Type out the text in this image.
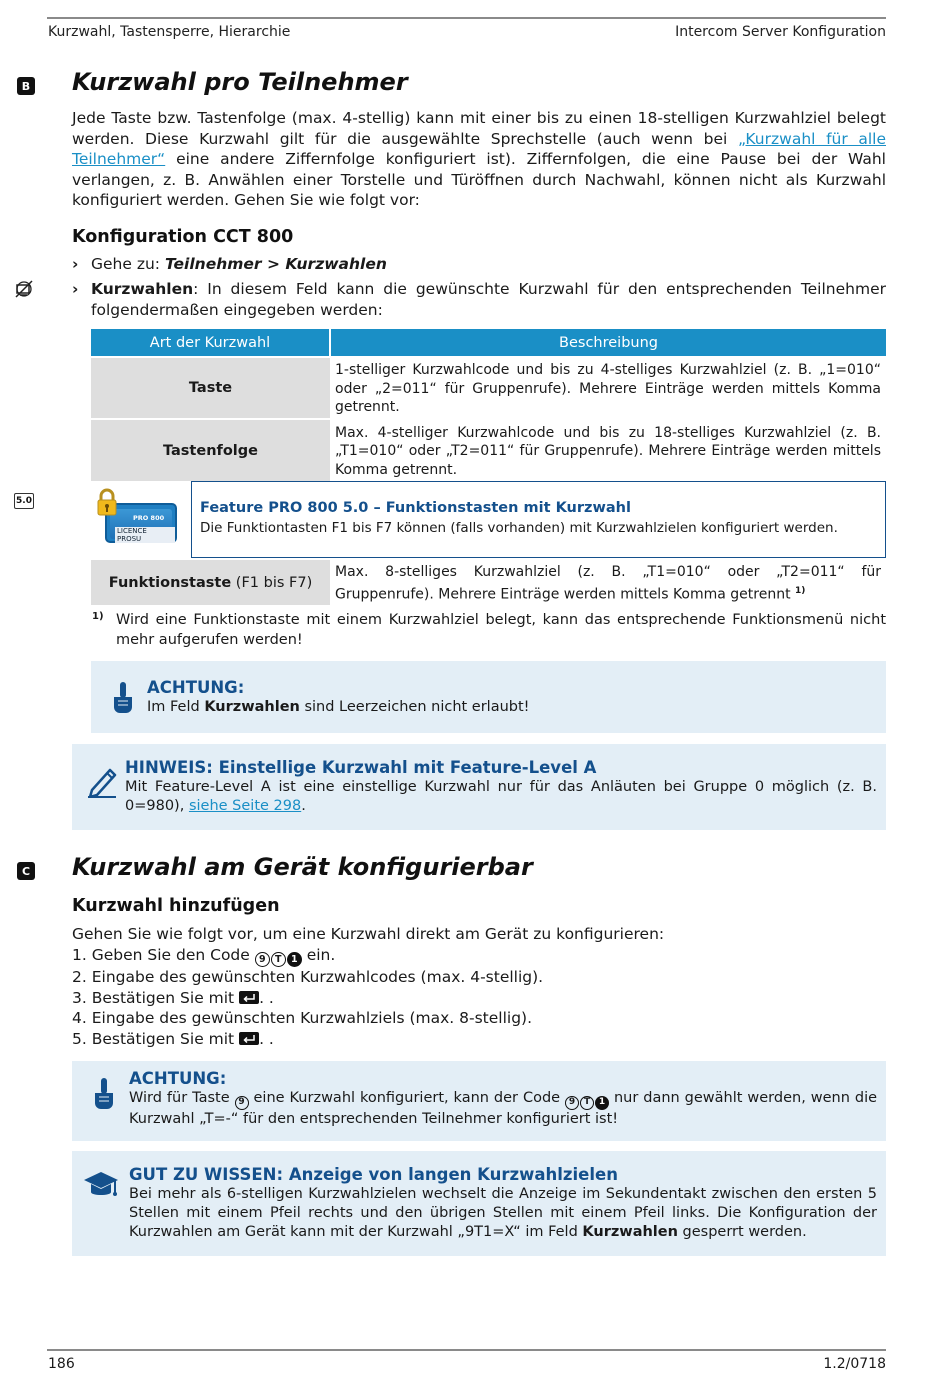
Kurzwahl, Tastensperre, Hierarchie	Intercom Server Konfiguration
B Kurzwahl pro Teilnehmer

Jede Taste bzw. Tastenfolge (max. 4-stellig) kann mit einer bis zu einen 18-stelligen Kurzwahlziel belegt werden. Diese Kurzwahl gilt für die ausgewählte Sprechstelle (auch wenn bei „Kurzwahl für alle Teilnehmer“ eine andere Ziffernfolge konfiguriert ist). Ziffernfolgen, die eine Pause bei der Wahl verlangen, z. B. Anwählen einer Torstelle und Türöffnen durch Nachwahl, können nicht als Kurzwahl konfiguriert werden. Gehen Sie wie folgt vor:

Konfiguration CCT 800
› Gehe zu: Teilnehmer > Kurzwahlen
› Kurzwahlen: In diesem Feld kann die gewünschte Kurzwahl für den entsprechenden Teilnehmer folgendermaßen eingegeben werden:
Art der Kurzwahl	Beschreibung
Taste	1-stelliger Kurzwahlcode und bis zu 4-stelliges Kurzwahlziel (z. B. „1=010“ oder „2=011“ für Gruppenrufe). Mehrere Einträge werden mittels Komma getrennt.
Tastenfolge	Max. 4-stelliger Kurzwahlcode und bis zu 18-stelliges Kurzwahlziel (z. B. „T1=010“ oder „T2=011“ für Gruppenrufe). Mehrere Einträge werden mittels Komma getrennt.
5.0
PRO 800
LICENCE PROSU
Feature PRO 800 5.0 – Funktionstasten mit Kurzwahl
Die Funktiontasten F1 bis F7 können (falls vorhanden) mit Kurzwahlzielen konfiguriert werden.
Funktionstaste (F1 bis F7)	Max. 8-stelliges Kurzwahlziel (z. B. „T1=010“ oder „T2=011“ für Gruppenrufe). Mehrere Einträge werden mittels Komma getrennt $^{1)}$
1) Wird eine Funktionstaste mit einem Kurzwahlziel belegt, kann das entsprechende Funktionsmenü nicht mehr aufgerufen werden!
ACHTUNG:
Im Feld Kurzwahlen sind Leerzeichen nicht erlaubt!
HINWEIS: Einstellige Kurzwahl mit Feature-Level A
Mit Feature-Level A ist eine einstellige Kurzwahl nur für das Anläuten bei Gruppe 0 möglich (z. B. 0=980), siehe Seite 298.
C Kurzwahl am Gerät konfigurierbar
Kurzwahl hinzufügen
Gehen Sie wie folgt vor, um eine Kurzwahl direkt am Gerät zu konfigurieren:
1. Geben Sie den Code 9 T 1 ein.
2. Eingabe des gewünschten Kurzwahlcodes (max. 4-stellig).
3. Bestätigen Sie mit . .
4. Eingabe des gewünschten Kurzwahlziels (max. 8-stellig).
5. Bestätigen Sie mit . .
ACHTUNG:
Wird für Taste 9 eine Kurzwahl konfiguriert, kann der Code 9 T 1 nur dann gewählt werden, wenn die Kurzwahl „T=-“ für den entsprechenden Teilnehmer konfiguriert ist!
GUT ZU WISSEN: Anzeige von langen Kurzwahlzielen
Bei mehr als 6-stelligen Kurzwahlzielen wechselt die Anzeige im Sekundentakt zwischen den ersten 5 Stellen mit einem Pfeil rechts und den übrigen Stellen mit einem Pfeil links. Die Konfiguration der Kurzwahlen am Gerät kann mit der Kurzwahl „9T1=X“ im Feld Kurzwahlen gesperrt werden.
186	1.2/0718
